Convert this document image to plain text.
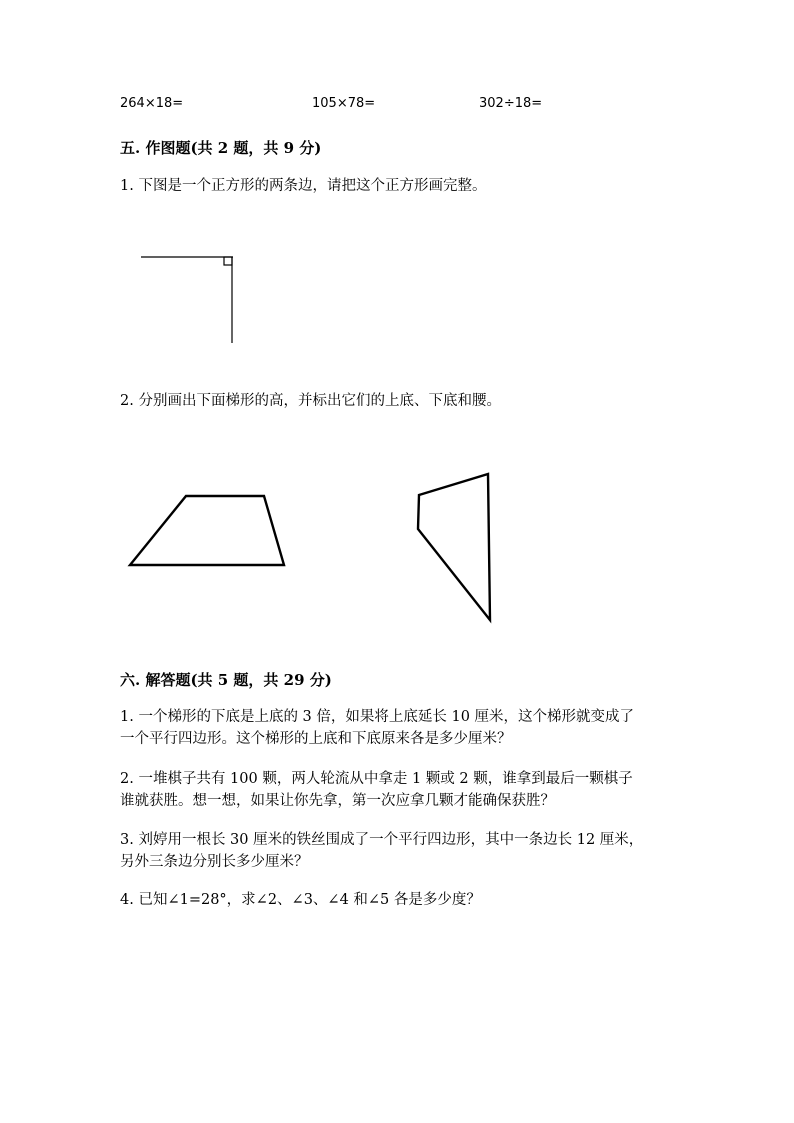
264×18=	105×78=	302÷18=
五. 作图题(共 2 题，共 9 分)
1. 下图是一个正方形的两条边，请把这个正方形画完整。
2. 分别画出下面梯形的高，并标出它们的上底、下底和腰。
六. 解答题(共 5 题，共 29 分)
1. 一个梯形的下底是上底的 3 倍，如果将上底延长 10 厘米，这个梯形就变成了
一个平行四边形。这个梯形的上底和下底原来各是多少厘米？
2. 一堆棋子共有 100 颗，两人轮流从中拿走 1 颗或 2 颗，谁拿到最后一颗棋子
谁就获胜。想一想，如果让你先拿，第一次应拿几颗才能确保获胜？
3. 刘婷用一根长 30 厘米的铁丝围成了一个平行四边形，其中一条边长 12 厘米，
另外三条边分别长多少厘米？
4. 已知∠1=28°，求∠2、∠3、∠4 和∠5 各是多少度？
